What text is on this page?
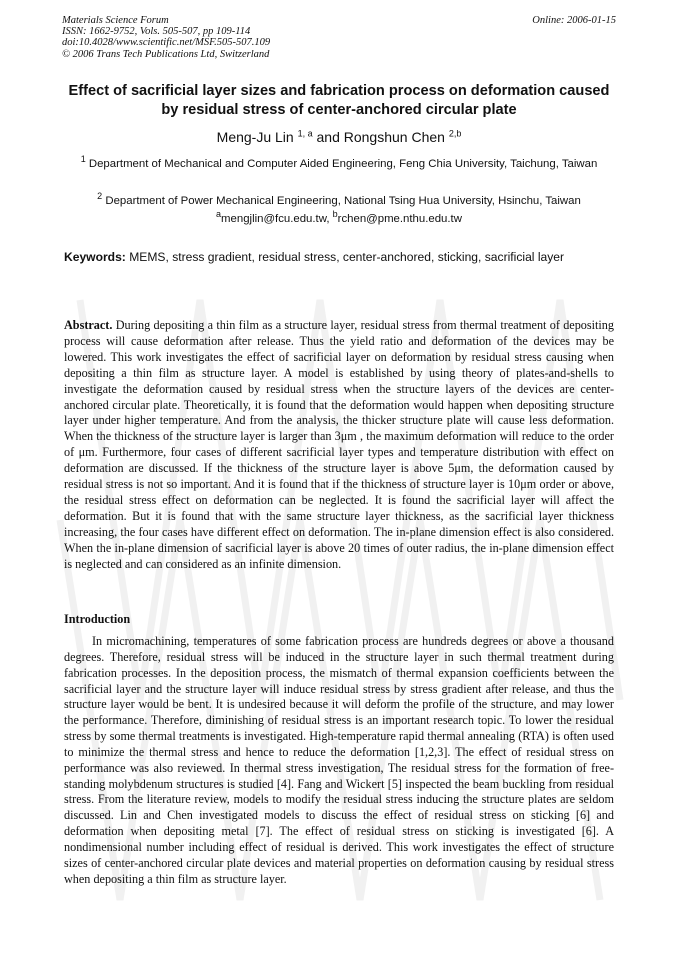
Materials Science Forum
ISSN: 1662-9752, Vols. 505-507, pp 109-114
doi:10.4028/www.scientific.net/MSF.505-507.109
© 2006 Trans Tech Publications Ltd, Switzerland
Online: 2006-01-15
Effect of sacrificial layer sizes and fabrication process on deformation caused by residual stress of center-anchored circular plate
Meng-Ju Lin $^{1, a}$ and Rongshun Chen $^{2,b}$
$^1$ Department of Mechanical and Computer Aided Engineering, Feng Chia University, Taichung, Taiwan
$^2$ Department of Power Mechanical Engineering, National Tsing Hua University, Hsinchu, Taiwan
$^a$mengjlin@fcu.edu.tw, $^b$rchen@pme.nthu.edu.tw
Keywords: MEMS, stress gradient, residual stress, center-anchored, sticking, sacrificial layer
Abstract. During depositing a thin film as a structure layer, residual stress from thermal treatment of depositing process will cause deformation after release. Thus the yield ratio and deformation of the devices may be lowered. This work investigates the effect of sacrificial layer on deformation by residual stress causing when depositing a thin film as structure layer. A model is established by using theory of plates-and-shells to investigate the deformation caused by residual stress when the structure layers of the devices are center-anchored circular plate. Theoretically, it is found that the deformation would happen when depositing structure layer under higher temperature. And from the analysis, the thicker structure plate will cause less deformation. When the thickness of the structure layer is larger than 3μm , the maximum deformation will reduce to the order of μm. Furthermore, four cases of different sacrificial layer types and temperature distribution with effect on deformation are discussed. If the thickness of the structure layer is above 5μm, the deformation caused by residual stress is not so important. And it is found that if the thickness of structure layer is 10μm order or above, the residual stress effect on deformation can be neglected. It is found the sacrificial layer will affect the deformation. But it is found that with the same structure layer thickness, as the sacrificial layer thickness increasing, the four cases have different effect on deformation. The in-plane dimension effect is also considered. When the in-plane dimension of sacrificial layer is above 20 times of outer radius, the in-plane dimension effect is neglected and can considered as an infinite dimension.
Introduction
In micromachining, temperatures of some fabrication process are hundreds degrees or above a thousand degrees. Therefore, residual stress will be induced in the structure layer in such thermal treatment during fabrication processes. In the deposition process, the mismatch of thermal expansion coefficients between the sacrificial layer and the structure layer will induce residual stress by stress gradient after release, and thus the structure layer would be bent. It is undesired because it will deform the profile of the structure, and may lower the performance. Therefore, diminishing of residual stress is an important research topic. To lower the residual stress by some thermal treatments is investigated. High-temperature rapid thermal annealing (RTA) is often used to minimize the thermal stress and hence to reduce the deformation [1,2,3]. The effect of residual stress on performance was also reviewed. In thermal stress investigation, The residual stress for the formation of free-standing molybdenum structures is studied [4]. Fang and Wickert [5] inspected the beam buckling from residual stress. From the literature review, models to modify the residual stress inducing the structure plates are seldom discussed. Lin and Chen investigated models to discuss the effect of residual stress on sticking [6] and deformation when depositing metal [7]. The effect of residual stress on sticking is investigated [6]. A nondimensional number including effect of residual is derived. This work investigates the effect of structure sizes of center-anchored circular plate devices and material properties on deformation causing by residual stress when depositing a thin film as structure layer.
